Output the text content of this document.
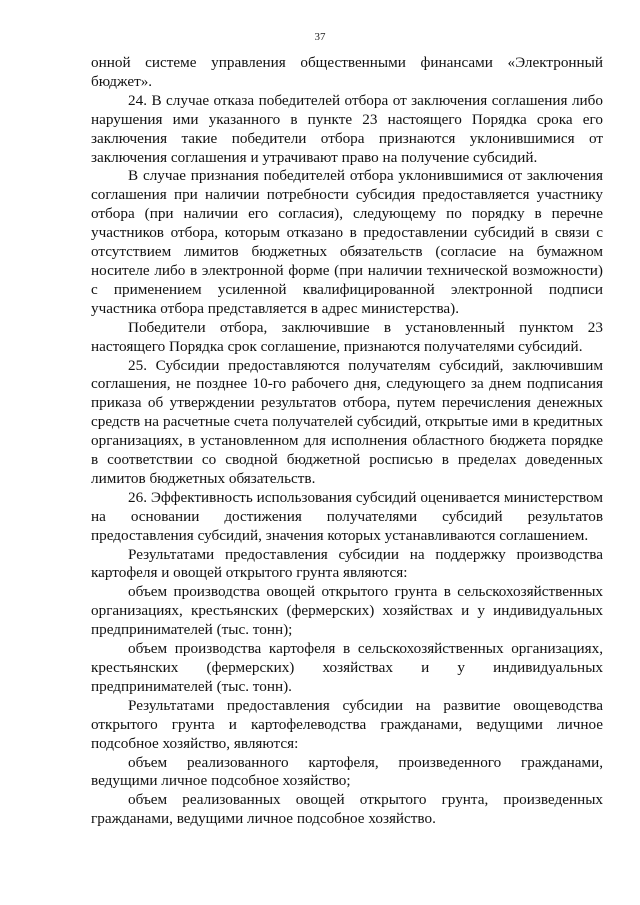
37

онной системе управления общественными финансами «Электронный бюджет».

24. В случае отказа победителей отбора от заключения соглашения либо нарушения ими указанного в пункте 23 настоящего Порядка срока его заключения такие победители отбора признаются уклонившимися от заключения соглашения и утрачивают право на получение субсидий.

В случае признания победителей отбора уклонившимися от заключения соглашения при наличии потребности субсидия предоставляется участнику отбора (при наличии его согласия), следующему по порядку в перечне участников отбора, которым отказано в предоставлении субсидий в связи с отсутствием лимитов бюджетных обязательств (согласие на бумажном носителе либо в электронной форме (при наличии технической возможности) с применением усиленной квалифицированной электронной подписи участника отбора представляется в адрес министерства).

Победители отбора, заключившие в установленный пунктом 23 настоящего Порядка срок соглашение, признаются получателями субсидий.

25. Субсидии предоставляются получателям субсидий, заключившим соглашения, не позднее 10-го рабочего дня, следующего за днем подписания приказа об утверждении результатов отбора, путем перечисления денежных средств на расчетные счета получателей субсидий, открытые ими в кредитных организациях, в установленном для исполнения областного бюджета порядке в соответствии со сводной бюджетной росписью в пределах доведенных лимитов бюджетных обязательств.

26. Эффективность использования субсидий оценивается министерством на основании достижения получателями субсидий результатов предоставления субсидий, значения которых устанавливаются соглашением.

Результатами предоставления субсидии на поддержку производства картофеля и овощей открытого грунта являются:

объем производства овощей открытого грунта в сельскохозяйственных организациях, крестьянских (фермерских) хозяйствах и у индивидуальных предпринимателей (тыс. тонн);

объем производства картофеля в сельскохозяйственных организациях, крестьянских (фермерских) хозяйствах и у индивидуальных предпринимателей (тыс. тонн).

Результатами предоставления субсидии на развитие овощеводства открытого грунта и картофелеводства гражданами, ведущими личное подсобное хозяйство, являются:

объем реализованного картофеля, произведенного гражданами, ведущими личное подсобное хозяйство;

объем реализованных овощей открытого грунта, произведенных гражданами, ведущими личное подсобное хозяйство.
